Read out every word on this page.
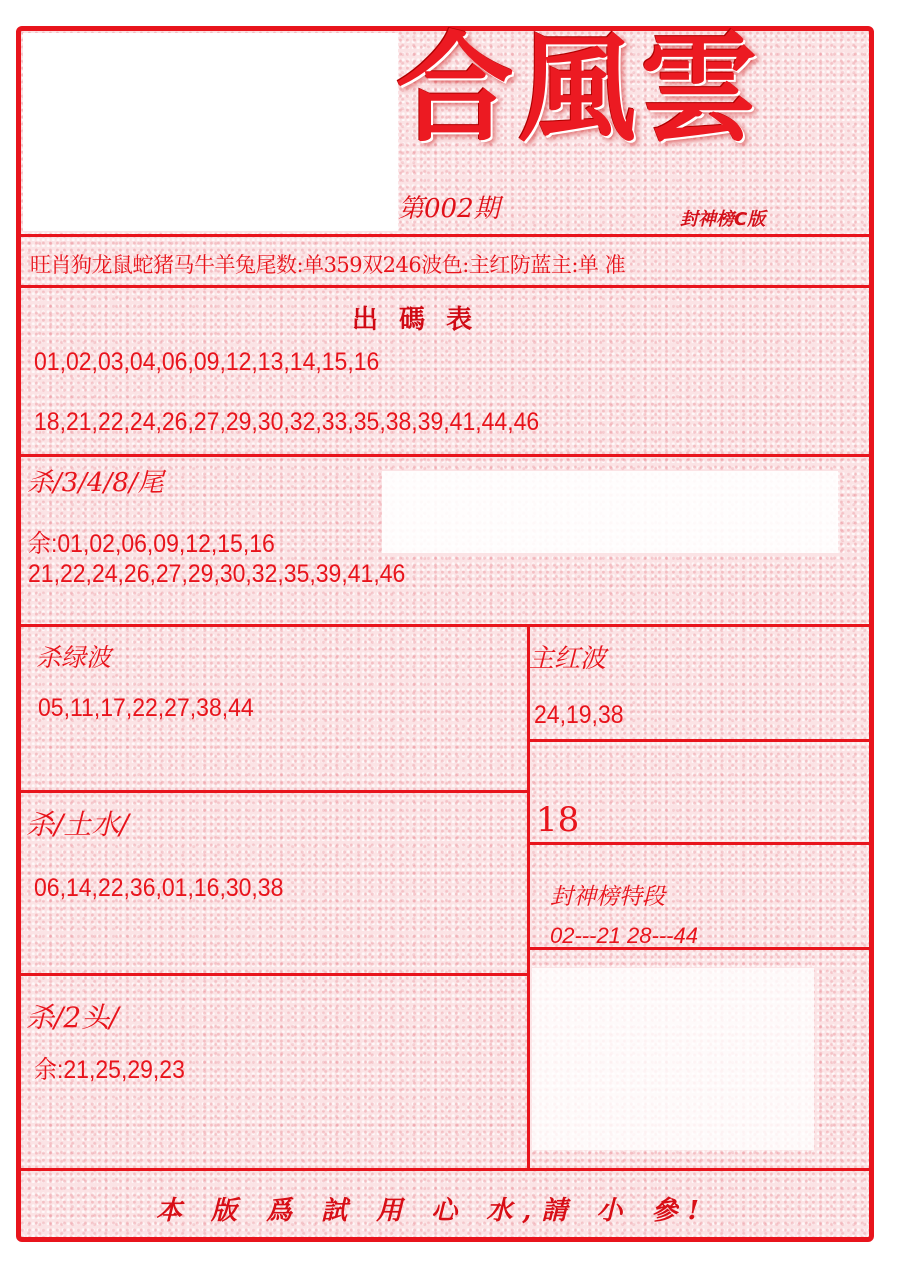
合風雲
第002期	封神榜C版
旺肖狗龙鼠蛇猪马牛羊兔尾数:单359双246波色:主红防蓝主:单 准
出 碼 表
01,02,03,04,06,09,12,13,14,15,16
18,21,22,24,26,27,29,30,32,33,35,38,39,41,44,46
杀/3/4/8/尾
余:01,02,06,09,12,15,16
21,22,24,26,27,29,30,32,35,39,41,46
杀绿波
05,11,17,22,27,38,44
主红波
24,19,38
18
杀/土水/
06,14,22,36,01,16,30,38	封神榜特段
02---21 28---44
杀/2头/
余:21,25,29,23
本 版 爲 試 用 心 水,請 小 參!
